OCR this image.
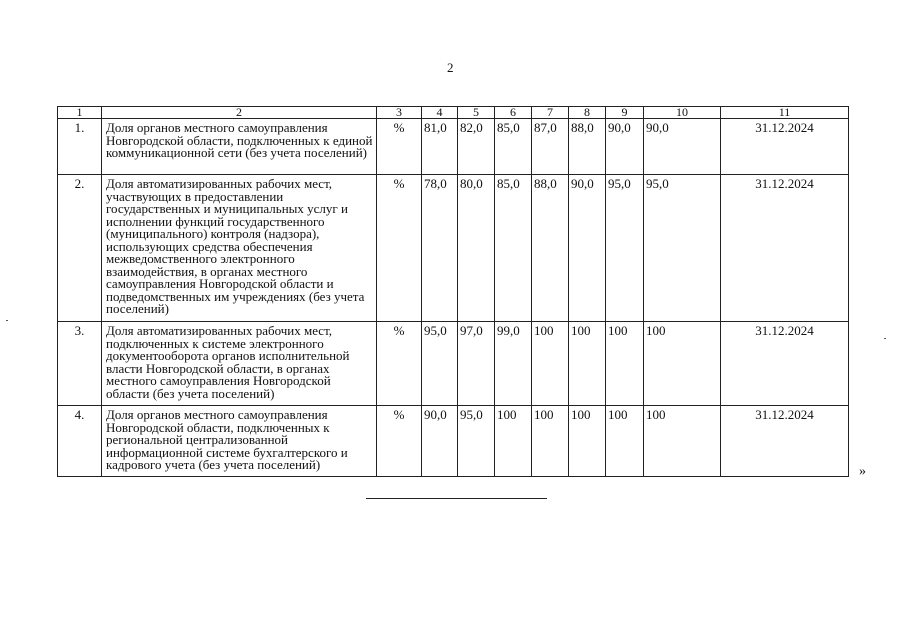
2
1	2	3	4	5	6	7	8	9	10	11
1.	Доля органов местного самоуправления Новгородской области, подключенных к единой коммуникационной сети (без учета поселений)	%	81,0	82,0	85,0	87,0	88,0	90,0	90,0	31.12.2024
2.	Доля автоматизированных рабочих мест, участвующих в предоставлении государственных и муниципальных услуг и исполнении функций государственного (муниципального) контроля (надзора), использующих средства обеспечения межведомственного электронного взаимодействия, в органах местного самоуправления Новгородской области и подведомственных им учреждениях (без учета поселений)	%	78,0	80,0	85,0	88,0	90,0	95,0	95,0	31.12.2024
3.	Доля автоматизированных рабочих мест, подключенных к системе электронного документооборота органов исполнительной власти Новгородской области, в органах местного самоуправления Новгородской области (без учета поселений)	%	95,0	97,0	99,0	100	100	100	100	31.12.2024
4.	Доля органов местного самоуправления Новгородской области, подключенных к региональной централизованной информационной системе бухгалтерского и кадрового учета (без учета поселений)	%	90,0	95,0	100	100	100	100	100	31.12.2024
»
